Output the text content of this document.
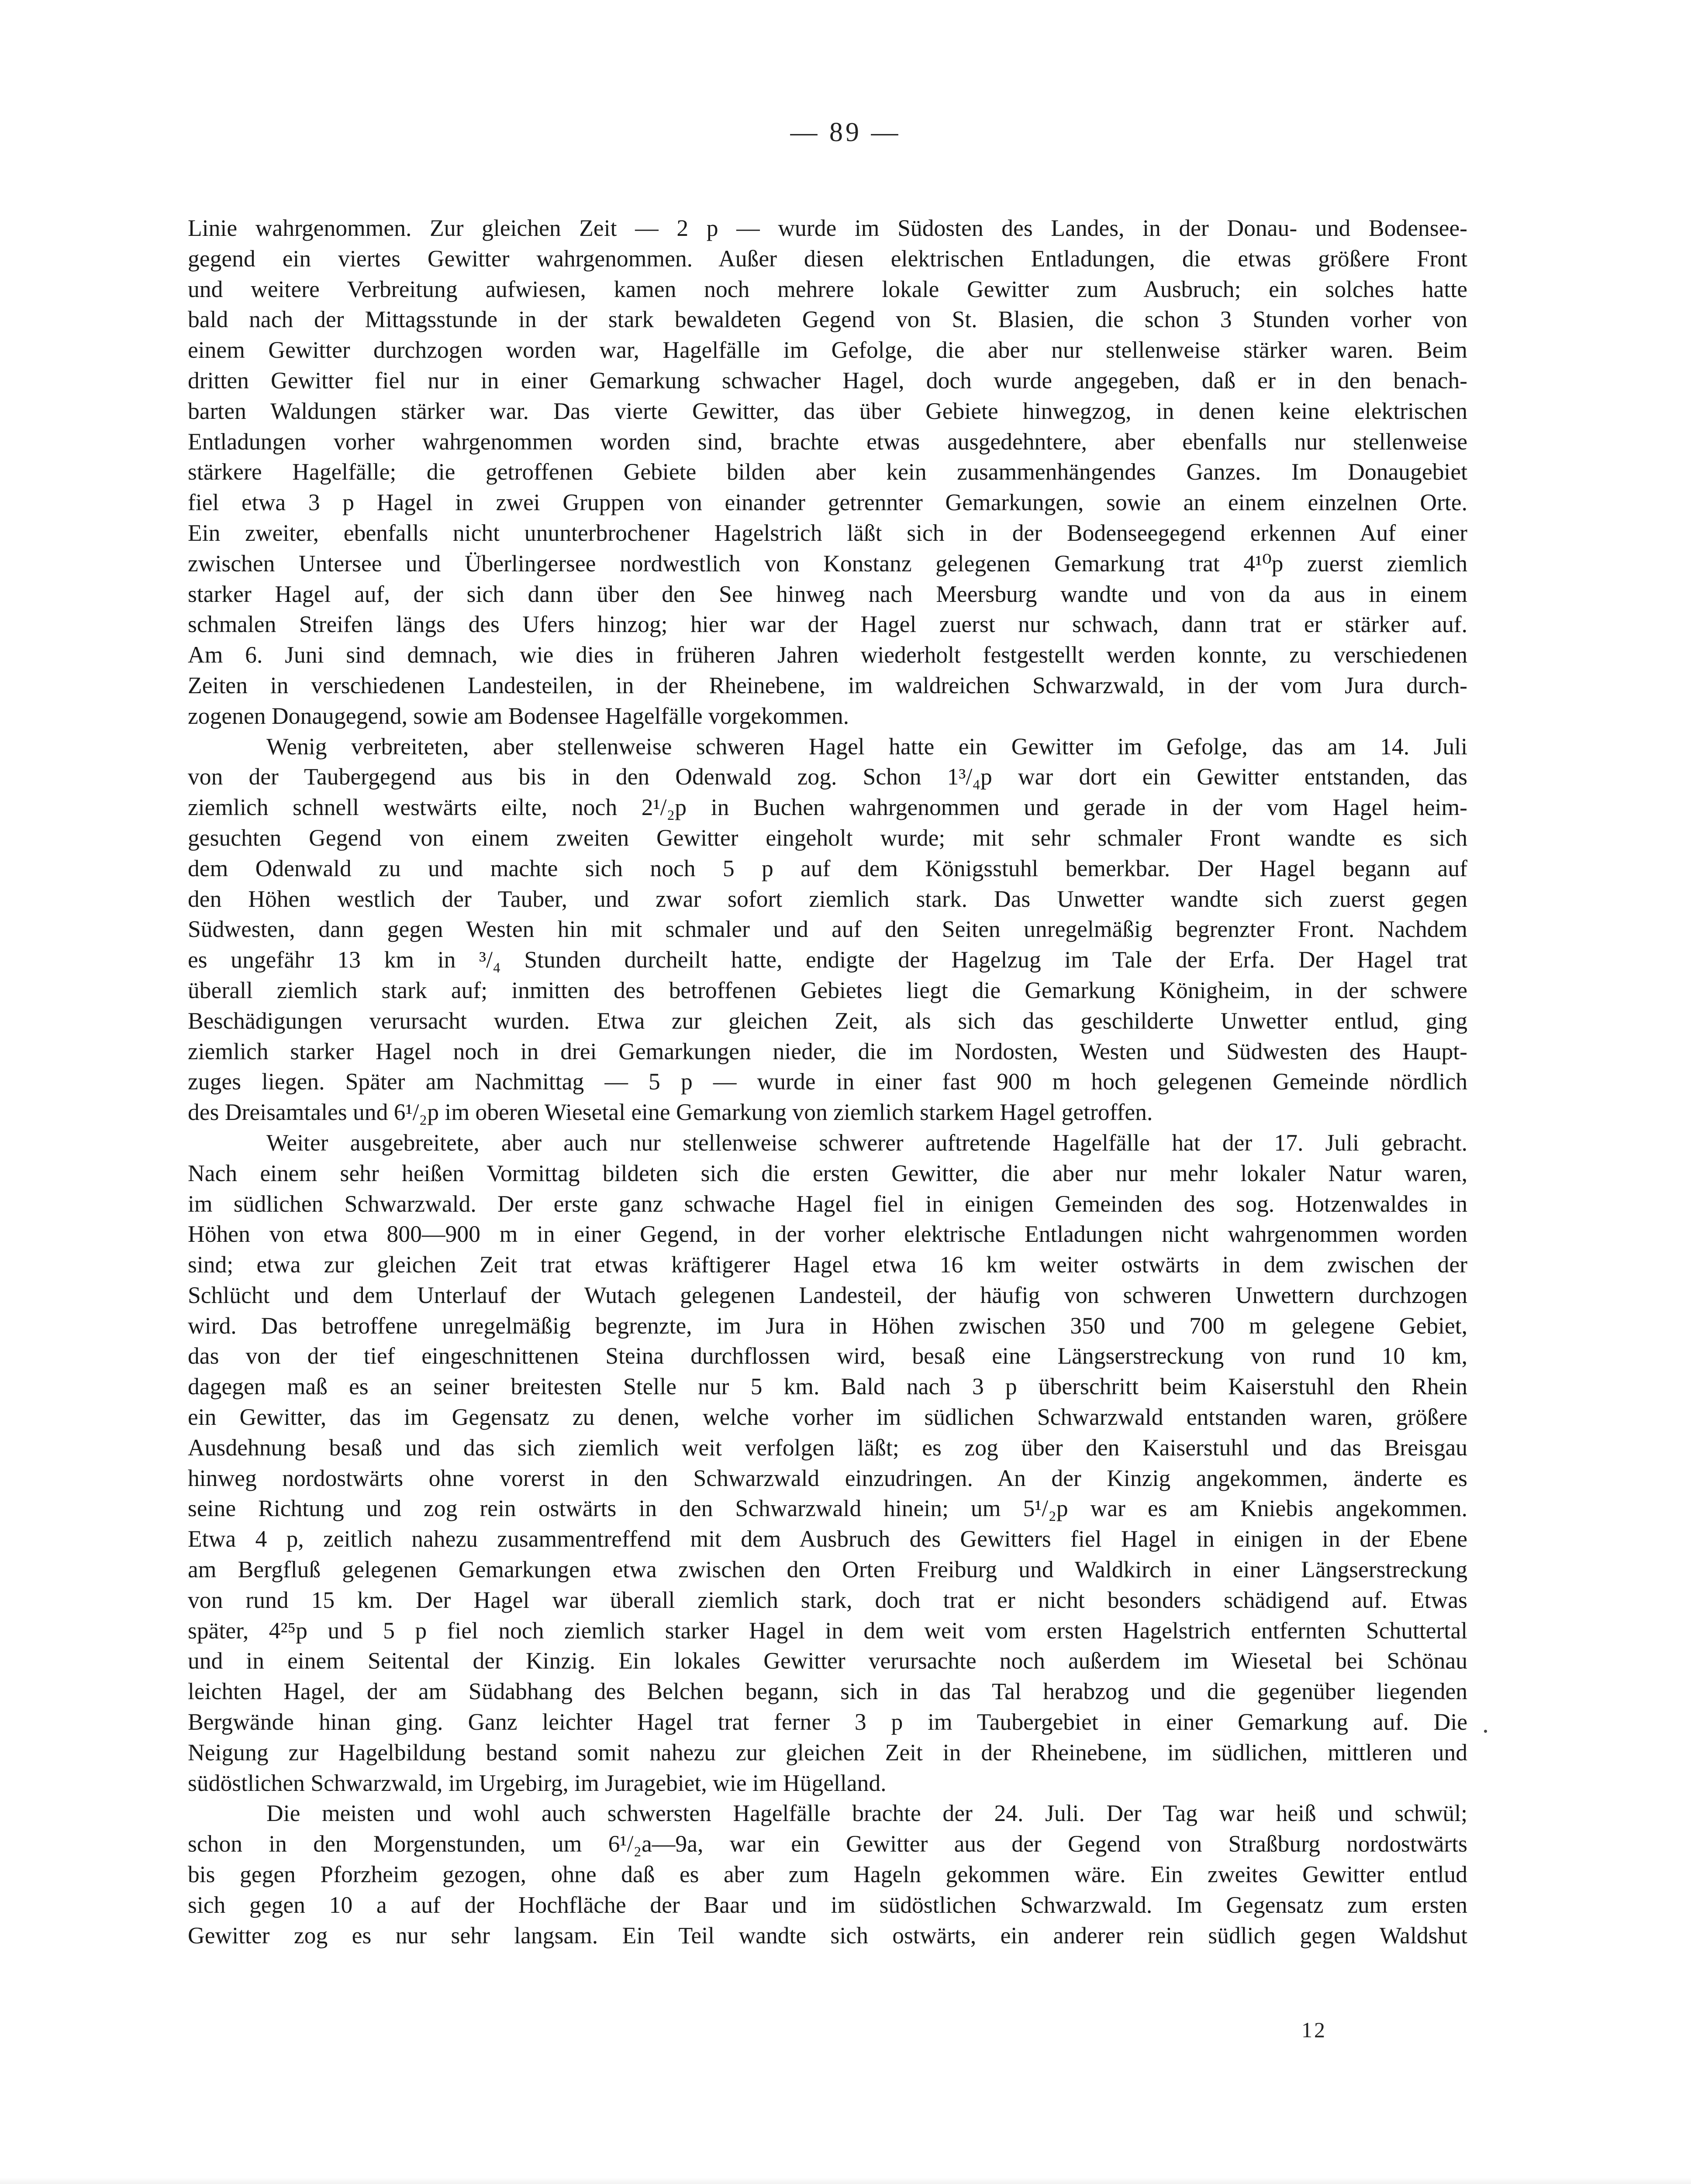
— 89 —

Linie wahrgenommen. Zur gleichen Zeit — 2 p — wurde im Südosten des Landes, in der Donau- und Bodensee-

gegend ein viertes Gewitter wahrgenommen. Außer diesen elektrischen Entladungen, die etwas größere Front

und weitere Verbreitung aufwiesen, kamen noch mehrere lokale Gewitter zum Ausbruch; ein solches hatte

bald nach der Mittagsstunde in der stark bewaldeten Gegend von St. Blasien, die schon 3 Stunden vorher von

einem Gewitter durchzogen worden war, Hagelfälle im Gefolge, die aber nur stellenweise stärker waren. Beim

dritten Gewitter fiel nur in einer Gemarkung schwacher Hagel, doch wurde angegeben, daß er in den benach-

barten Waldungen stärker war. Das vierte Gewitter, das über Gebiete hinwegzog, in denen keine elektrischen

Entladungen vorher wahrgenommen worden sind, brachte etwas ausgedehntere, aber ebenfalls nur stellenweise

stärkere Hagelfälle; die getroffenen Gebiete bilden aber kein zusammenhängendes Ganzes. Im Donaugebiet

fiel etwa 3 p Hagel in zwei Gruppen von einander getrennter Gemarkungen, sowie an einem einzelnen Orte.

Ein zweiter, ebenfalls nicht ununterbrochener Hagelstrich läßt sich in der Bodenseegegend erkennen Auf einer

zwischen Untersee und Überlingersee nordwestlich von Konstanz gelegenen Gemarkung trat 4¹⁰p zuerst ziemlich

starker Hagel auf, der sich dann über den See hinweg nach Meersburg wandte und von da aus in einem

schmalen Streifen längs des Ufers hinzog; hier war der Hagel zuerst nur schwach, dann trat er stärker auf.

Am 6. Juni sind demnach, wie dies in früheren Jahren wiederholt festgestellt werden konnte, zu verschiedenen

Zeiten in verschiedenen Landesteilen, in der Rheinebene, im waldreichen Schwarzwald, in der vom Jura durch-

zogenen Donaugegend, sowie am Bodensee Hagelfälle vorgekommen.

Wenig verbreiteten, aber stellenweise schweren Hagel hatte ein Gewitter im Gefolge, das am 14. Juli

von der Taubergegend aus bis in den Odenwald zog. Schon 1³/₄p war dort ein Gewitter entstanden, das

ziemlich schnell westwärts eilte, noch 2¹/₂p in Buchen wahrgenommen und gerade in der vom Hagel heim-

gesuchten Gegend von einem zweiten Gewitter eingeholt wurde; mit sehr schmaler Front wandte es sich

dem Odenwald zu und machte sich noch 5 p auf dem Königsstuhl bemerkbar. Der Hagel begann auf

den Höhen westlich der Tauber, und zwar sofort ziemlich stark. Das Unwetter wandte sich zuerst gegen

Südwesten, dann gegen Westen hin mit schmaler und auf den Seiten unregelmäßig begrenzter Front. Nachdem

es ungefähr 13 km in ³/₄ Stunden durcheilt hatte, endigte der Hagelzug im Tale der Erfa. Der Hagel trat

überall ziemlich stark auf; inmitten des betroffenen Gebietes liegt die Gemarkung Königheim, in der schwere

Beschädigungen verursacht wurden. Etwa zur gleichen Zeit, als sich das geschilderte Unwetter entlud, ging

ziemlich starker Hagel noch in drei Gemarkungen nieder, die im Nordosten, Westen und Südwesten des Haupt-

zuges liegen. Später am Nachmittag — 5 p — wurde in einer fast 900 m hoch gelegenen Gemeinde nördlich

des Dreisamtales und 6¹/₂p im oberen Wiesetal eine Gemarkung von ziemlich starkem Hagel getroffen.

Weiter ausgebreitete, aber auch nur stellenweise schwerer auftretende Hagelfälle hat der 17. Juli gebracht.

Nach einem sehr heißen Vormittag bildeten sich die ersten Gewitter, die aber nur mehr lokaler Natur waren,

im südlichen Schwarzwald. Der erste ganz schwache Hagel fiel in einigen Gemeinden des sog. Hotzenwaldes in

Höhen von etwa 800—900 m in einer Gegend, in der vorher elektrische Entladungen nicht wahrgenommen worden

sind; etwa zur gleichen Zeit trat etwas kräftigerer Hagel etwa 16 km weiter ostwärts in dem zwischen der

Schlücht und dem Unterlauf der Wutach gelegenen Landesteil, der häufig von schweren Unwettern durchzogen

wird. Das betroffene unregelmäßig begrenzte, im Jura in Höhen zwischen 350 und 700 m gelegene Gebiet,

das von der tief eingeschnittenen Steina durchflossen wird, besaß eine Längserstreckung von rund 10 km,

dagegen maß es an seiner breitesten Stelle nur 5 km. Bald nach 3 p überschritt beim Kaiserstuhl den Rhein

ein Gewitter, das im Gegensatz zu denen, welche vorher im südlichen Schwarzwald entstanden waren, größere

Ausdehnung besaß und das sich ziemlich weit verfolgen läßt; es zog über den Kaiserstuhl und das Breisgau

hinweg nordostwärts ohne vorerst in den Schwarzwald einzudringen. An der Kinzig angekommen, änderte es

seine Richtung und zog rein ostwärts in den Schwarzwald hinein; um 5¹/₂p war es am Kniebis angekommen.

Etwa 4 p, zeitlich nahezu zusammentreffend mit dem Ausbruch des Gewitters fiel Hagel in einigen in der Ebene

am Bergfluß gelegenen Gemarkungen etwa zwischen den Orten Freiburg und Waldkirch in einer Längserstreckung

von rund 15 km. Der Hagel war überall ziemlich stark, doch trat er nicht besonders schädigend auf. Etwas

später, 4²⁵p und 5 p fiel noch ziemlich starker Hagel in dem weit vom ersten Hagelstrich entfernten Schuttertal

und in einem Seitental der Kinzig. Ein lokales Gewitter verursachte noch außerdem im Wiesetal bei Schönau

leichten Hagel, der am Südabhang des Belchen begann, sich in das Tal herabzog und die gegenüber liegenden

Bergwände hinan ging. Ganz leichter Hagel trat ferner 3 p im Taubergebiet in einer Gemarkung auf. Die

Neigung zur Hagelbildung bestand somit nahezu zur gleichen Zeit in der Rheinebene, im südlichen, mittleren und

südöstlichen Schwarzwald, im Urgebirg, im Juragebiet, wie im Hügelland.

Die meisten und wohl auch schwersten Hagelfälle brachte der 24. Juli. Der Tag war heiß und schwül;

schon in den Morgenstunden, um 6¹/₂a—9a, war ein Gewitter aus der Gegend von Straßburg nordostwärts

bis gegen Pforzheim gezogen, ohne daß es aber zum Hageln gekommen wäre. Ein zweites Gewitter entlud

sich gegen 10 a auf der Hochfläche der Baar und im südöstlichen Schwarzwald. Im Gegensatz zum ersten

Gewitter zog es nur sehr langsam. Ein Teil wandte sich ostwärts, ein anderer rein südlich gegen Waldshut

12
